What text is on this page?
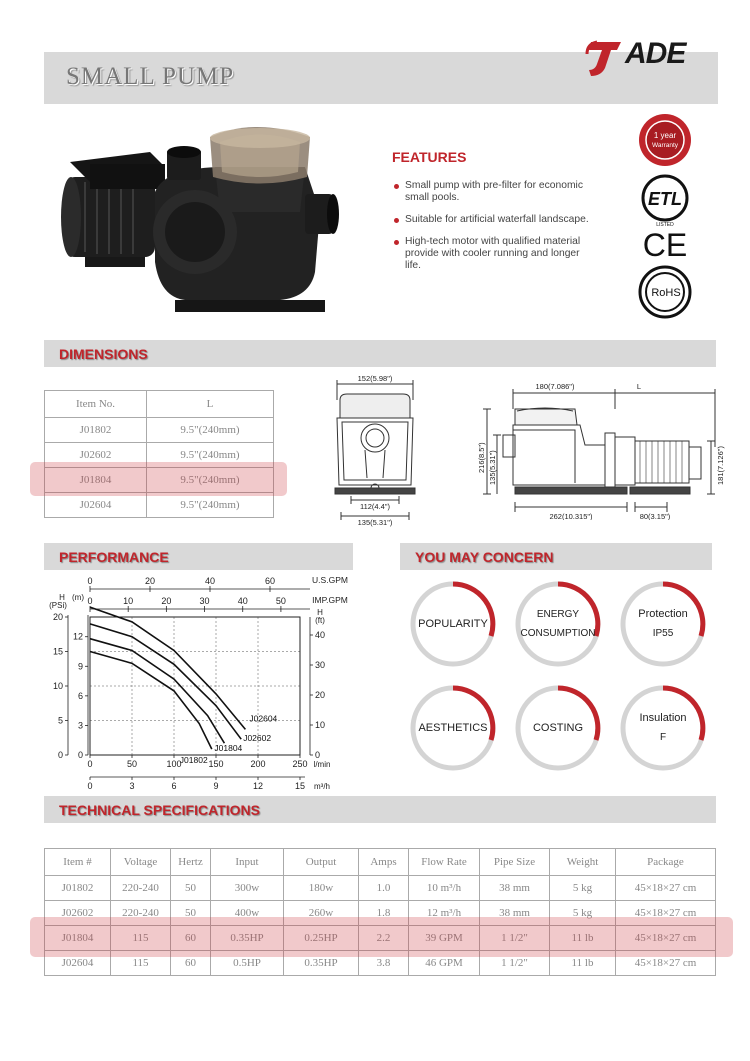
SMALL PUMP
ADE
FEATURES
Small pump with pre-filter for economic small pools.
Suitable for artificial waterfall landscape.
High-tech motor with qualified material provide with cooler running and longer life.
1 year
Warranty
ETL
LISTED
CE
RoHS
DIMENSIONS
Item No.	L
J01802	9.5"(240mm)
J02602	9.5"(240mm)
J01804	9.5"(240mm)
J02604	9.5"(240mm)
152(5.98")
112(4.4")
135(5.31")
180(7.086")	L
216(8.5") 135(5.31")	181(7.126")
262(10.315")	80(3.15")
PERFORMANCE
0	20	40	60	U.S.GPM
0	10	20	30	40	50	IMP.GPM
0	50	100	150	200	250 l/min
0	3	6	9	12	15 m³/h
0
5
10
15
20
0
3
6
9
12
H
(PSi)
(m)
0
10
20
30
40
H
(ft)
J01802
J01804
J02602
J02604
YOU MAY CONCERN
POPULARITY
ENERGY
CONSUMPTION
Protection
IP55
AESTHETICS	COSTING
Insulation
F
TECHNICAL SPECIFICATIONS
Item #	Voltage	Hertz	Input	Output	Amps	Flow Rate	Pipe Size	Weight	Package
J01802	220-240	50	300w	180w	1.0	10 m³/h	38 mm	5 kg	45×18×27 cm
J02602	220-240	50	400w	260w	1.8	12 m³/h	38 mm	5 kg	45×18×27 cm
J01804	115	60	0.35HP	0.25HP	2.2	39 GPM	1 1/2"	11 lb	45×18×27 cm
J02604	115	60	0.5HP	0.35HP	3.8	46 GPM	1 1/2"	11 lb	45×18×27 cm
